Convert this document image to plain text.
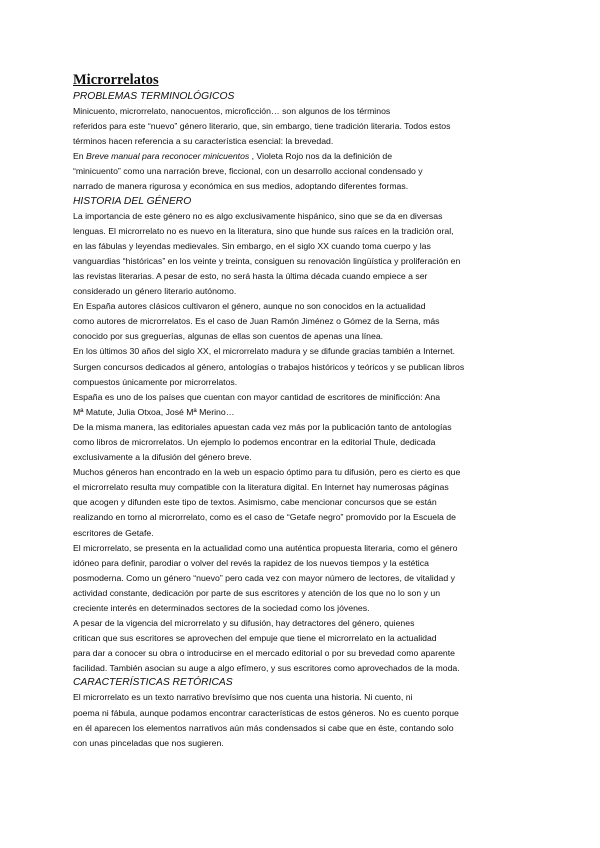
Microrrelatos
PROBLEMAS TERMINOLÓGICOS
Minicuento, microrrelato, nanocuentos, microficción… son algunos de los términos
referidos para este “nuevo” género literario, que, sin embargo, tiene tradición literaria. Todos estos
términos hacen referencia a su característica esencial: la brevedad.
En Breve manual para reconocer minicuentos , Violeta Rojo nos da la definición de
“minicuento” como una narración breve, ficcional, con un desarrollo accional condensado y
narrado de manera rigurosa y económica en sus medios, adoptando diferentes formas.
HISTORIA DEL GÉNERO
La importancia de este género no es algo exclusivamente hispánico, sino que se da en diversas
lenguas. El microrrelato no es nuevo en la literatura, sino que hunde sus raíces en la tradición oral,
en las fábulas y leyendas medievales. Sin embargo, en el siglo XX cuando toma cuerpo y las
vanguardias “históricas” en los veinte y treinta, consiguen su renovación lingüística y proliferación en
las revistas literarias. A pesar de esto, no será hasta la última década cuando empiece a ser
considerado un género literario autónomo.
En España autores clásicos cultivaron el género, aunque no son conocidos en la actualidad
como autores de microrrelatos. Es el caso de Juan Ramón Jiménez o Gómez de la Serna, más
conocido por sus greguerías, algunas de ellas son cuentos de apenas una línea.
En los últimos 30 años del siglo XX, el microrrelato madura y se difunde gracias también a Internet.
Surgen concursos dedicados al género, antologías o trabajos históricos y teóricos y se publican libros
compuestos únicamente por microrrelatos.
España es uno de los países que cuentan con mayor cantidad de escritores de minificción: Ana
Mª Matute, Julia Otxoa, José Mª Merino…
De la misma manera, las editoriales apuestan cada vez más por la publicación tanto de antologías
como libros de microrrelatos. Un ejemplo lo podemos encontrar en la editorial Thule, dedicada
exclusivamente a la difusión del género breve.
Muchos géneros han encontrado en la web un espacio óptimo para tu difusión, pero es cierto es que
el microrrelato resulta muy compatible con la literatura digital. En Internet hay numerosas páginas
que acogen y difunden este tipo de textos. Asimismo, cabe mencionar concursos que se están
realizando en torno al microrrelato, como es el caso de “Getafe negro” promovido por la Escuela de
escritores de Getafe.
El microrrelato, se presenta en la actualidad como una auténtica propuesta literaria, como el género
idóneo para definir, parodiar o volver del revés la rapidez de los nuevos tiempos y la estética
posmoderna. Como un género “nuevo” pero cada vez con mayor número de lectores, de vitalidad y
actividad constante, dedicación por parte de sus escritores y atención de los que no lo son y un
creciente interés en determinados sectores de la sociedad como los jóvenes.
A pesar de la vigencia del microrrelato y su difusión, hay detractores del género, quienes
critican que sus escritores se aprovechen del empuje que tiene el microrrelato en la actualidad
para dar a conocer su obra o introducirse en el mercado editorial o por su brevedad como aparente
facilidad. También asocian su auge a algo efímero, y sus escritores como aprovechados de la moda.
CARACTERÍSTICAS RETÓRICAS
El microrrelato es un texto narrativo brevísimo que nos cuenta una historia. Ni cuento, ni
poema ni fábula, aunque podamos encontrar características de estos géneros. No es cuento porque
en él aparecen los elementos narrativos aún más condensados si cabe que en éste, contando solo
con unas pinceladas que nos sugieren.
